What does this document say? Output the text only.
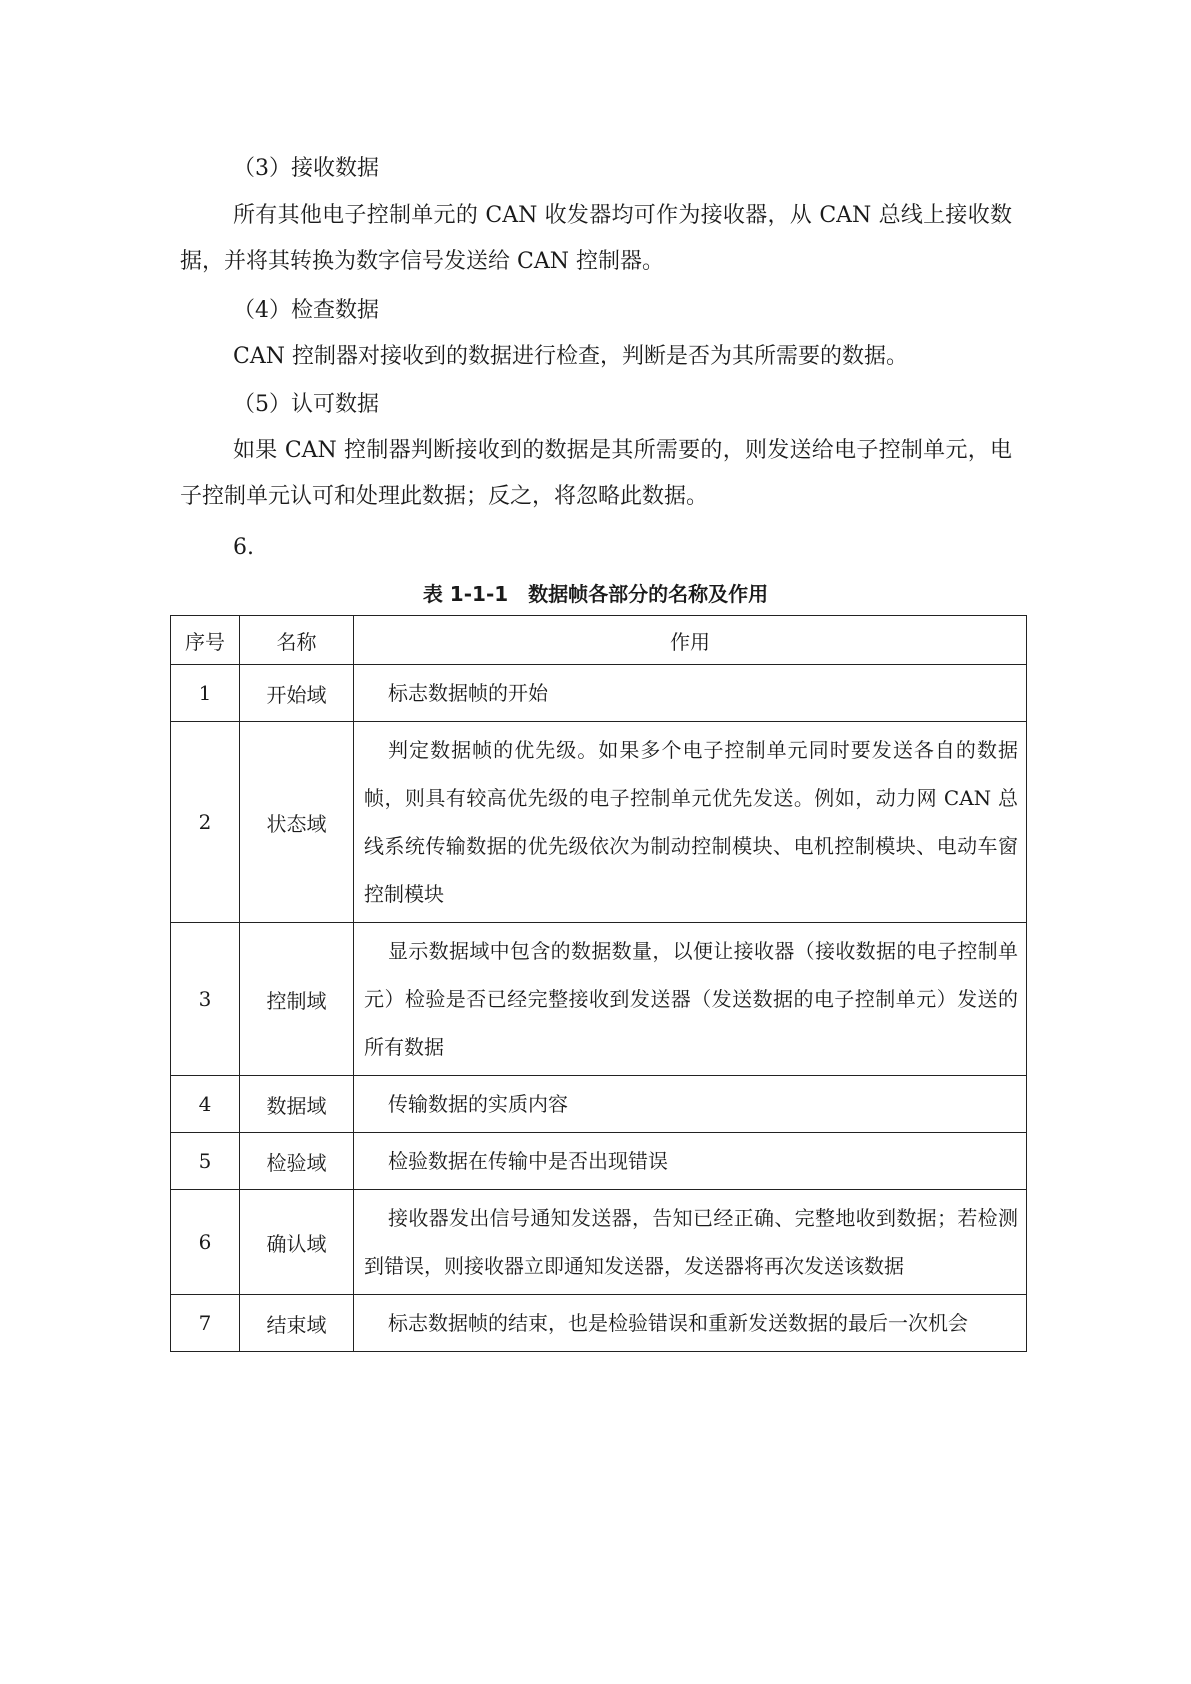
（3）接收数据

所有其他电子控制单元的 CAN 收发器均可作为接收器，从 CAN 总线上接收数据，并将其转换为数字信号发送给 CAN 控制器。

（4）检查数据

CAN 控制器对接收到的数据进行检查，判断是否为其所需要的数据。

（5）认可数据

如果 CAN 控制器判断接收到的数据是其所需要的，则发送给电子控制单元，电子控制单元认可和处理此数据；反之，将忽略此数据。

6.

表 1-1-1　数据帧各部分的名称及作用
序号	名称	作用
1	开始域	标志数据帧的开始
2	状态域	判定数据帧的优先级。如果多个电子控制单元同时要发送各自的数据帧，则具有较高优先级的电子控制单元优先发送。例如，动力网 CAN 总线系统传输数据的优先级依次为制动控制模块、电机控制模块、电动车窗控制模块
3	控制域	显示数据域中包含的数据数量，以便让接收器（接收数据的电子控制单元）检验是否已经完整接收到发送器（发送数据的电子控制单元）发送的所有数据
4	数据域	传输数据的实质内容
5	检验域	检验数据在传输中是否出现错误
6	确认域	接收器发出信号通知发送器，告知已经正确、完整地收到数据；若检测到错误，则接收器立即通知发送器，发送器将再次发送该数据
7	结束域	标志数据帧的结束，也是检验错误和重新发送数据的最后一次机会
